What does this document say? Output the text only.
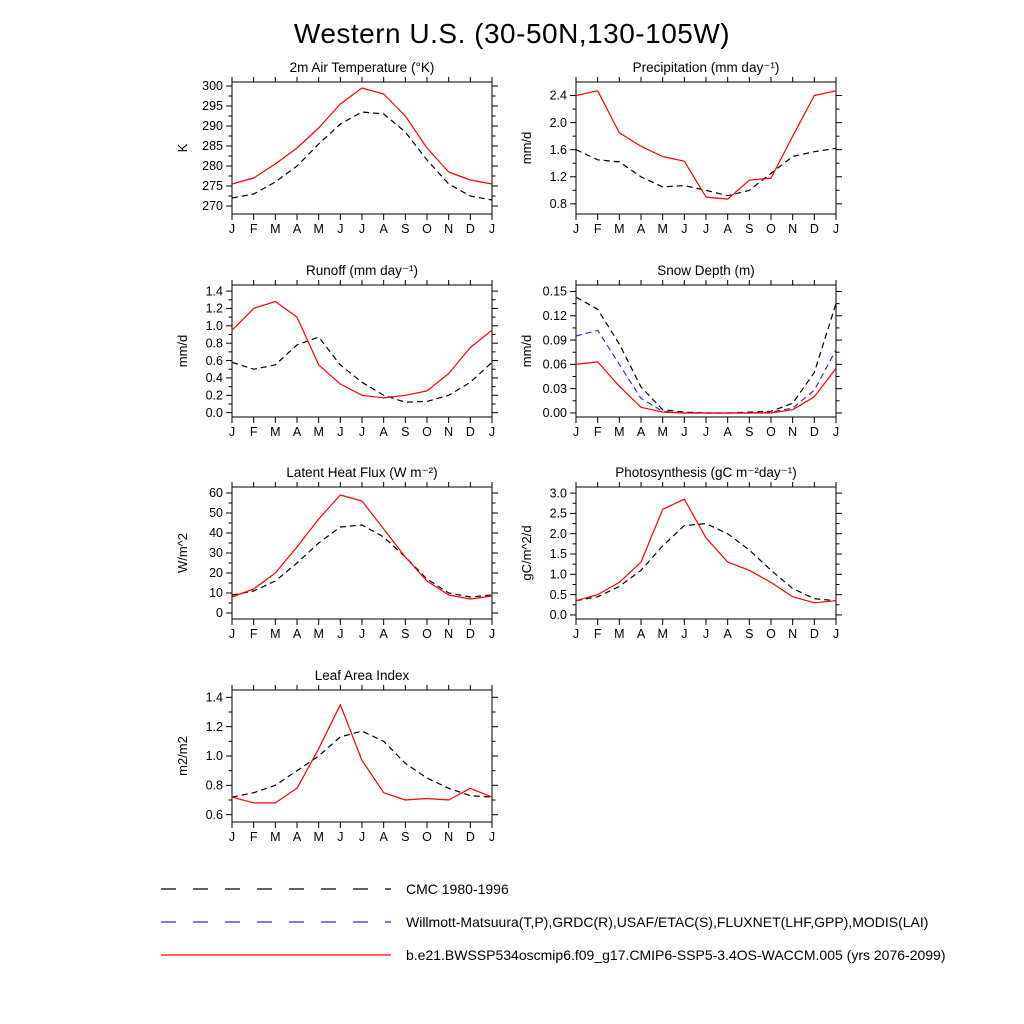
Western U.S. (30-50N,130-105W)
2m Air Temperature (°K)
K
270
275
280
285
290
295
300
J F M A M J J A S O N D J
Precipitation (mm day⁻¹)
mm/d
0.8
1.2
1.6
2.0
2.4
J F M A M J J A S O N D J
Runoff (mm day⁻¹)
mm/d
0.0
0.2
0.4
0.6
0.8
1.0
1.2
1.4
J F M A M J J A S O N D J
Snow Depth (m)
mm/d
0.00
0.03
0.06
0.09
0.12
0.15
J F M A M J J A S O N D J
Latent Heat Flux (W m⁻²)
W/m^2
0
10
20
30
40
50
60
J F M A M J J A S O N D J
Photosynthesis (gC m⁻²day⁻¹)
gC/m^2/d
0.0
0.5
1.0
1.5
2.0
2.5
3.0
J F M A M J J A S O N D J
Leaf Area Index
m2/m2
0.6
0.8
1.0
1.2
1.4
J F M A M J J A S O N D J
CMC 1980-1996
Willmott-Matsuura(T,P),GRDC(R),USAF/ETAC(S),FLUXNET(LHF,GPP),MODIS(LAI)
b.e21.BWSSP534oscmip6.f09_g17.CMIP6-SSP5-3.4OS-WACCM.005 (yrs 2076-2099)
